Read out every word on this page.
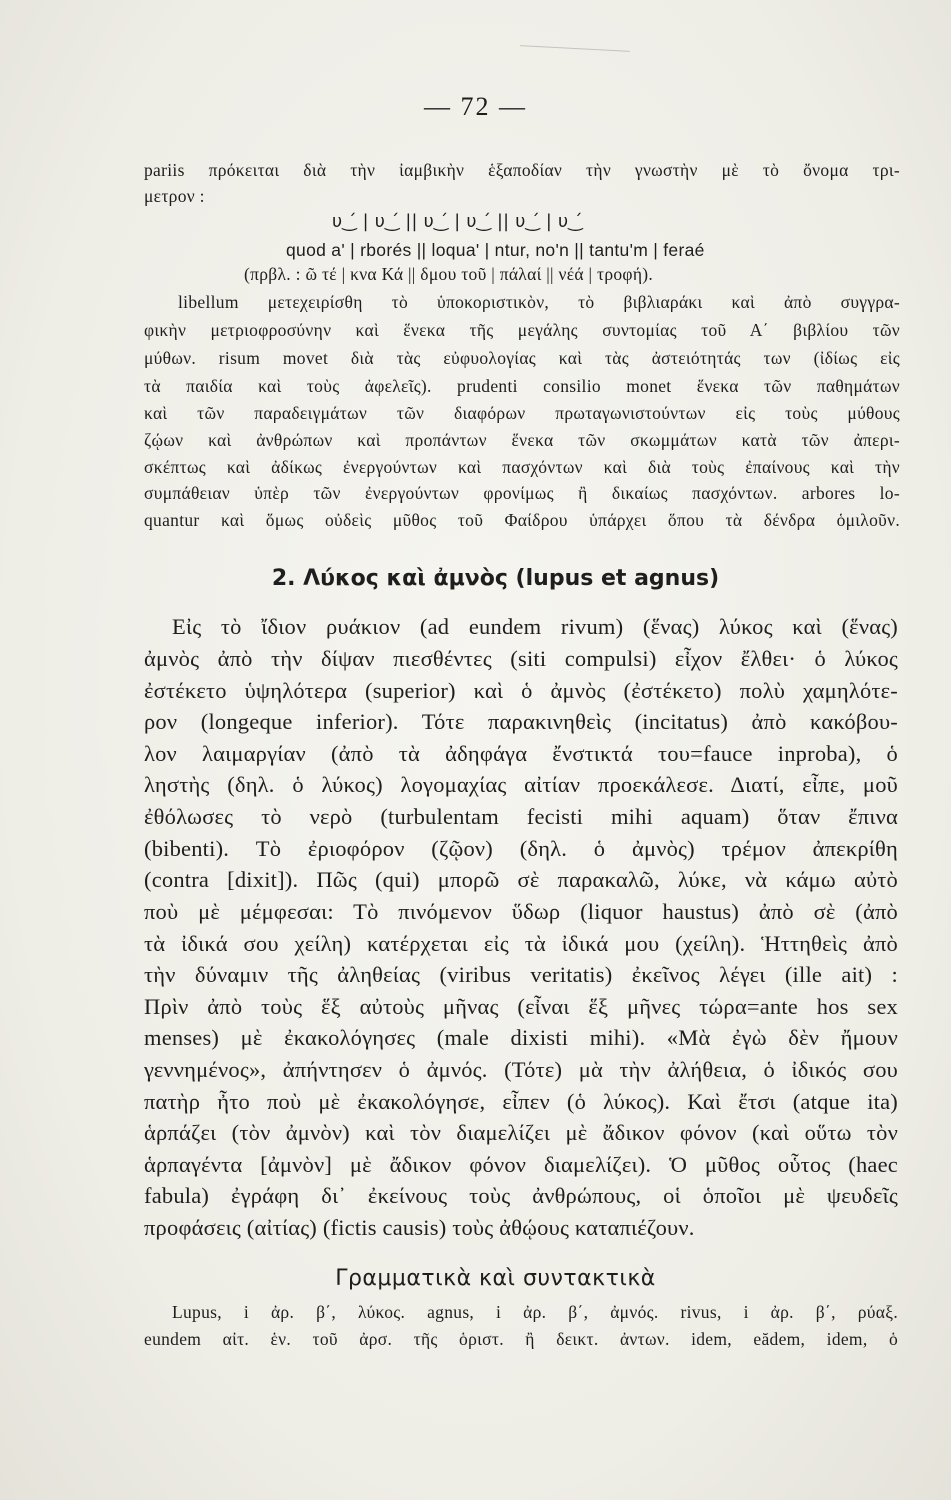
— 72 —
pariis πρόκειται διὰ τὴν ἰαμβικὴν ἑξαποδίαν τὴν γνωστὴν μὲ τὸ ὄνομα τρι-
μετρον :
υ⁠‿́ | υ‿́ || υ‿́ | υ‿́ || υ‿́ | υ‿́
quod a' | rborés || loqua' | ntur, no'n || tantu'm | feraé
(πρβλ. : ῶ τέ | κνα Κά || δμου τοῦ | πάλαί || νέά | τροφή).
libellum μετεχειρίσθη τὸ ὑποκοριστικὸν, τὸ βιβλιαράκι καὶ ἀπὸ συγγρα-
φικὴν μετριοφροσύνην καὶ ἕνεκα τῆς μεγάλης συντομίας τοῦ Α΄ βιβλίου τῶν
μύθων. risum movet διὰ τὰς εὐφυολογίας καὶ τὰς ἀστειότητάς των (ἰδίως εἰς
τὰ παιδία καὶ τοὺς ἀφελεῖς). prudenti consilio monet ἕνεκα τῶν παθημάτων
καὶ τῶν παραδειγμάτων τῶν διαφόρων πρωταγωνιστούντων εἰς τοὺς μύθους
ζῴων καὶ ἀνθρώπων καὶ προπάντων ἕνεκα τῶν σκωμμάτων κατὰ τῶν ἀπερι-
σκέπτως καὶ ἀδίκως ἐνεργούντων καὶ πασχόντων καὶ διὰ τοὺς ἐπαίνους καὶ τὴν
συμπάθειαν ὑπὲρ τῶν ἐνεργούντων φρονίμως ἢ δικαίως πασχόντων. arbores lo-
quantur καὶ ὅμως οὐδεὶς μῦθος τοῦ Φαίδρου ὑπάρχει ὅπου τὰ δένδρα ὁμιλοῦν.
2. Λύκος καὶ ἀμνὸς (lupus et agnus)
Εἰς τὸ ἴδιον ρυάκιον (ad eundem rivum) (ἕνας) λύκος καὶ (ἕνας)
ἀμνὸς ἀπὸ τὴν δίψαν πιεσθέντες (siti compulsi) εἶχον ἔλθει· ὁ λύκος
ἐστέκετο ὑψηλότερα (superior) καὶ ὁ ἀμνὸς (ἐστέκετο) πολὺ χαμηλότε-
ρον (longeque inferior). Τότε παρακινηθεὶς (incitatus) ἀπὸ κακόβου-
λον λαιμαργίαν (ἀπὸ τὰ ἀδηφάγα ἔνστικτά του=fauce inproba), ὁ
ληστὴς (δηλ. ὁ λύκος) λογομαχίας αἰτίαν προεκάλεσε. Διατί, εἶπε, μοῦ
ἐθόλωσες τὸ νερὸ (turbulentam fecisti mihi aquam) ὅταν ἔπινα
(bibenti). Τὸ ἐριοφόρον (ζῷον) (δηλ. ὁ ἀμνὸς) τρέμον ἀπεκρίθη
(contra [dixit]). Πῶς (qui) μπορῶ σὲ παρακαλῶ, λύκε, νὰ κάμω αὐτὸ
ποὺ μὲ μέμφεσαι: Τὸ πινόμενον ὕδωρ (liquor haustus) ἀπὸ σὲ (ἀπὸ
τὰ ἰδικά σου χείλη) κατέρχεται εἰς τὰ ἰδικά μου (χείλη). Ἡττηθεὶς ἀπὸ
τὴν δύναμιν τῆς ἀληθείας (viribus veritatis) ἐκεῖνος λέγει (ille ait) :
Πρὶν ἀπὸ τοὺς ἕξ αὐτοὺς μῆνας (εἶναι ἕξ μῆνες τώρα=ante hos sex
menses) μὲ ἐκακολόγησες (male dixisti mihi). «Μὰ ἐγὼ δὲν ἤμουν
γεννημένος», ἀπήντησεν ὁ ἀμνός. (Τότε) μὰ τὴν ἀλήθεια, ὁ ἰδικός σου
πατὴρ ἦτο ποὺ μὲ ἐκακολόγησε, εἶπεν (ὁ λύκος). Καὶ ἔτσι (atque ita)
ἁρπάζει (τὸν ἀμνὸν) καὶ τὸν διαμελίζει μὲ ἄδικον φόνον (καὶ οὕτω τὸν
ἁρπαγέντα [ἀμνὸν] μὲ ἄδικον φόνον διαμελίζει). Ὁ μῦθος οὗτος (haec
fabula) ἐγράφη δι᾽ ἐκείνους τοὺς ἀνθρώπους, οἱ ὁποῖοι μὲ ψευδεῖς
προφάσεις (αἰτίας) (fictis causis) τοὺς ἀθῴους καταπιέζουν.
Γραμματικὰ καὶ συντακτικὰ
Lupus, i ἀρ. β΄, λύκος. agnus, i ἀρ. β΄, ἀμνός. rivus, i ἀρ. β΄, ρύαξ.
eundem αἰτ. ἑν. τοῦ ἀρσ. τῆς ὁριστ. ἢ δεικτ. ἀντων. idem, eădem, idem, ὁ
